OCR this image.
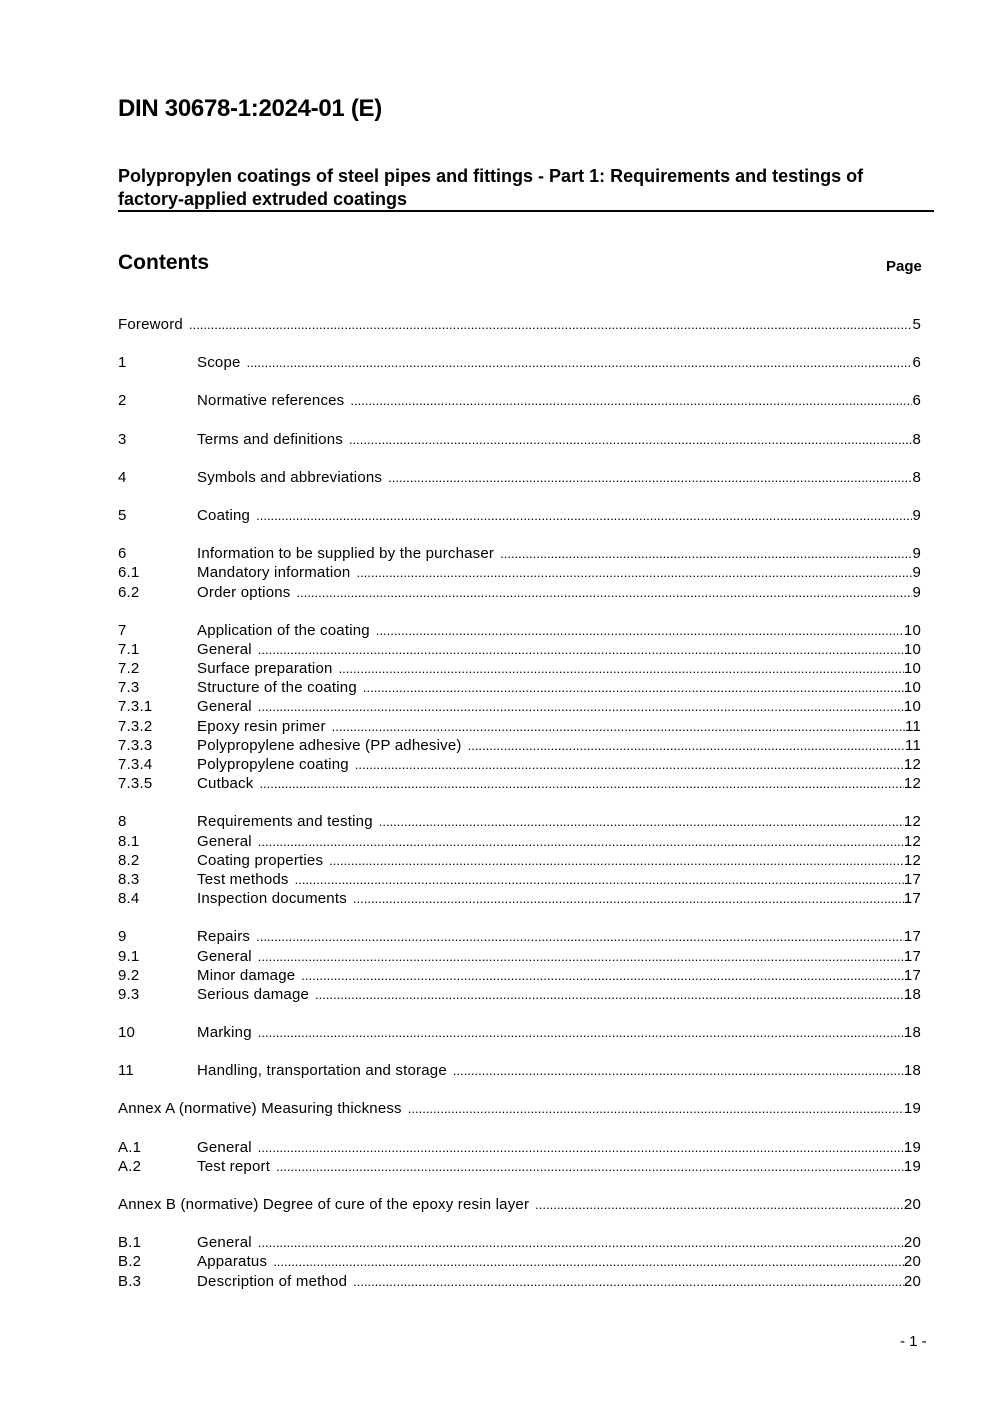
DIN 30678-1:2024-01 (E)
Polypropylen coatings of steel pipes and fittings - Part 1: Requirements and testings of factory-applied extruded coatings
Contents	Page
Foreword .....	5
1	Scope .....	6
2	Normative references .....	6
3	Terms and definitions .....	8
4	Symbols and abbreviations .....	8
5	Coating .....	9
6	Information to be supplied by the purchaser .....	9
6.1	Mandatory information .....	9
6.2	Order options .....	9
7	Application of the coating .....	10
7.1	General .....	10
7.2	Surface preparation .....	10
7.3	Structure of the coating .....	10
7.3.1	General .....	10
7.3.2	Epoxy resin primer .....	11
7.3.3	Polypropylene adhesive (PP adhesive) .....	11
7.3.4	Polypropylene coating .....	12
7.3.5	Cutback .....	12
8	Requirements and testing .....	12
8.1	General .....	12
8.2	Coating properties .....	12
8.3	Test methods .....	17
8.4	Inspection documents .....	17
9	Repairs .....	17
9.1	General .....	17
9.2	Minor damage .....	17
9.3	Serious damage .....	18
10	Marking .....	18
11	Handling, transportation and storage .....	18
Annex A (normative) Measuring thickness .....	19
A.1	General .....	19
A.2	Test report .....	19
Annex B (normative) Degree of cure of the epoxy resin layer .....	20
B.1	General .....	20
B.2	Apparatus .....	20
B.3	Description of method .....	20
- 1 -
